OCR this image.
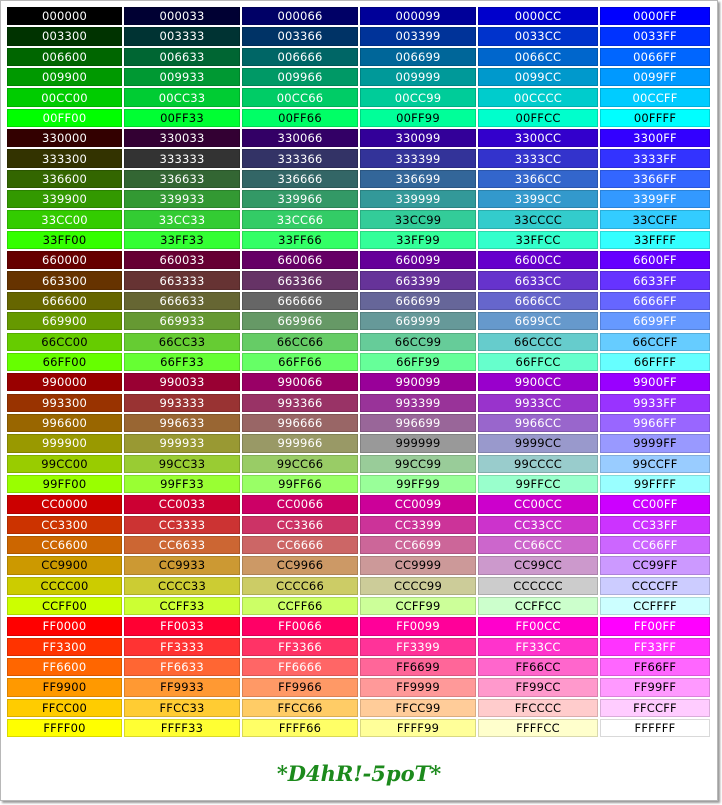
000000	000033	000066	000099	0000CC	0000FF
003300	003333	003366	003399	0033CC	0033FF
006600	006633	006666	006699	0066CC	0066FF
009900	009933	009966	009999	0099CC	0099FF
00CC00	00CC33	00CC66	00CC99	00CCCC	00CCFF
00FF00	00FF33	00FF66	00FF99	00FFCC	00FFFF
330000	330033	330066	330099	3300CC	3300FF
333300	333333	333366	333399	3333CC	3333FF
336600	336633	336666	336699	3366CC	3366FF
339900	339933	339966	339999	3399CC	3399FF
33CC00	33CC33	33CC66	33CC99	33CCCC	33CCFF
33FF00	33FF33	33FF66	33FF99	33FFCC	33FFFF
660000	660033	660066	660099	6600CC	6600FF
663300	663333	663366	663399	6633CC	6633FF
666600	666633	666666	666699	6666CC	6666FF
669900	669933	669966	669999	6699CC	6699FF
66CC00	66CC33	66CC66	66CC99	66CCCC	66CCFF
66FF00	66FF33	66FF66	66FF99	66FFCC	66FFFF
990000	990033	990066	990099	9900CC	9900FF
993300	993333	993366	993399	9933CC	9933FF
996600	996633	996666	996699	9966CC	9966FF
999900	999933	999966	999999	9999CC	9999FF
99CC00	99CC33	99CC66	99CC99	99CCCC	99CCFF
99FF00	99FF33	99FF66	99FF99	99FFCC	99FFFF
CC0000	CC0033	CC0066	CC0099	CC00CC	CC00FF
CC3300	CC3333	CC3366	CC3399	CC33CC	CC33FF
CC6600	CC6633	CC6666	CC6699	CC66CC	CC66FF
CC9900	CC9933	CC9966	CC9999	CC99CC	CC99FF
CCCC00	CCCC33	CCCC66	CCCC99	CCCCCC	CCCCFF
CCFF00	CCFF33	CCFF66	CCFF99	CCFFCC	CCFFFF
FF0000	FF0033	FF0066	FF0099	FF00CC	FF00FF
FF3300	FF3333	FF3366	FF3399	FF33CC	FF33FF
FF6600	FF6633	FF6666	FF6699	FF66CC	FF66FF
FF9900	FF9933	FF9966	FF9999	FF99CC	FF99FF
FFCC00	FFCC33	FFCC66	FFCC99	FFCCCC	FFCCFF
FFFF00	FFFF33	FFFF66	FFFF99	FFFFCC	FFFFFF
*D4hR!-5poT*
